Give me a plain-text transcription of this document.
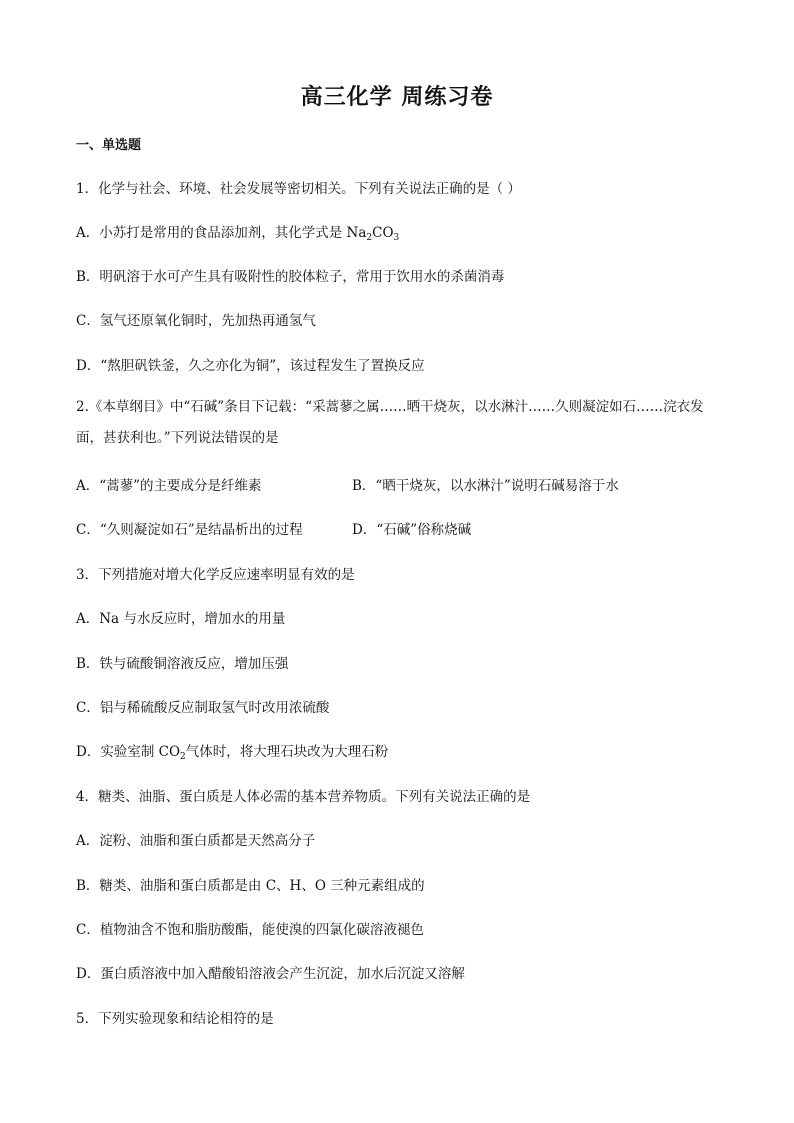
高三化学 周练习卷
一、单选题
1．化学与社会、环境、社会发展等密切相关。下列有关说法正确的是（ ）
A．小苏打是常用的食品添加剂，其化学式是 $Na_2CO_3$
B．明矾溶于水可产生具有吸附性的胶体粒子，常用于饮用水的杀菌消毒
C．氢气还原氧化铜时，先加热再通氢气
D．“熬胆矾铁釜，久之亦化为铜”，该过程发生了置换反应
2.《本草纲目》中“石碱”条目下记载：“采蒿蓼之属……晒干烧灰，以水淋汁……久则凝淀如石……浣衣发面，甚获利也。”下列说法错误的是
A．“蒿蓼”的主要成分是纤维素	B．“晒干烧灰，以水淋汁”说明石碱易溶于水
C．“久则凝淀如石”是结晶析出的过程	D．“石碱”俗称烧碱
3．下列措施对增大化学反应速率明显有效的是
A．Na 与水反应时，增加水的用量
B．铁与硫酸铜溶液反应，增加压强
C．铝与稀硫酸反应制取氢气时改用浓硫酸
D．实验室制 $CO_2$气体时，将大理石块改为大理石粉
4．糖类、油脂、蛋白质是人体必需的基本营养物质。下列有关说法正确的是
A．淀粉、油脂和蛋白质都是天然高分子
B．糖类、油脂和蛋白质都是由 C、H、O 三种元素组成的
C．植物油含不饱和脂肪酸酯，能使溴的四氯化碳溶液褪色
D．蛋白质溶液中加入醋酸铅溶液会产生沉淀，加水后沉淀又溶解
5．下列实验现象和结论相符的是
